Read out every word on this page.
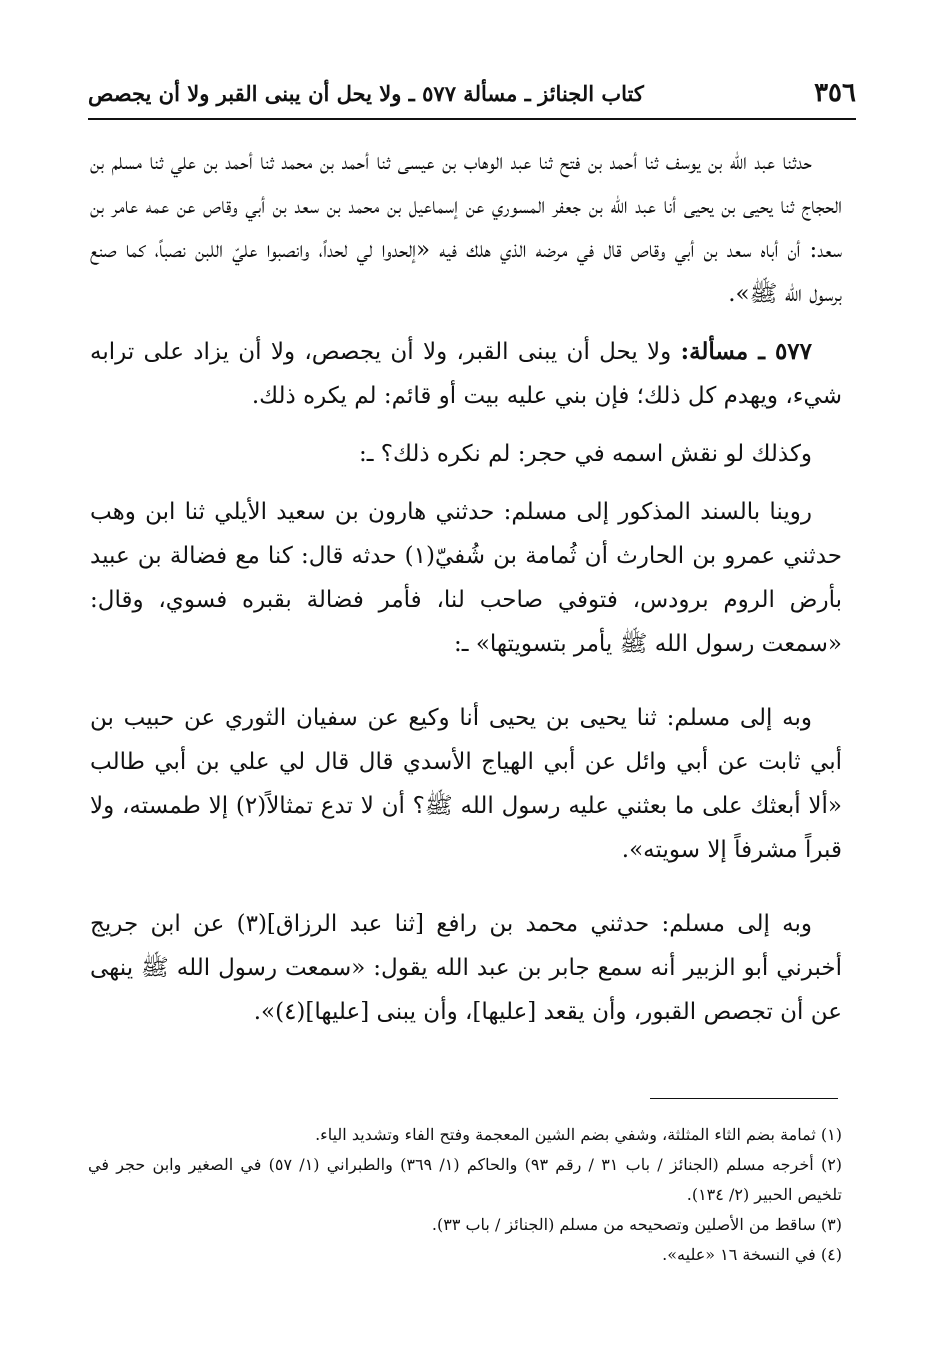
٣٥٦
كتاب الجنائز ـ مسألة ٥٧٧ ـ ولا يحل أن يبنى القبر ولا أن يجصص

حدثنا عبد الله بن يوسف ثنا أحمد بن فتح ثنا عبد الوهاب بن عيسى ثنا أحمد بن محمد ثنا أحمد بن علي ثنا مسلم بن الحجاج ثنا يحيى بن يحيى أنا عبد الله بن جعفر المسوري عن إسماعيل بن محمد بن سعد بن أبي وقاص عن عمه عامر بن سعد: أن أباه سعد بن أبي وقاص قال في مرضه الذي هلك فيه «إلحدوا لي لحداً، وانصبوا عليّ اللبن نصباً، كما صنع برسول الله ﷺ».

٥٧٧ ـ مسألة: ولا يحل أن يبنى القبر، ولا أن يجصص، ولا أن يزاد على ترابه شيء، ويهدم كل ذلك؛ فإن بني عليه بيت أو قائم: لم يكره ذلك.

وكذلك لو نقش اسمه في حجر: لم نكره ذلك؟ ـ:

روينا بالسند المذكور إلى مسلم: حدثني هارون بن سعيد الأيلي ثنا ابن وهب حدثني عمرو بن الحارث أن ثُمامة بن شُفيّ(١) حدثه قال: كنا مع فضالة بن عبيد بأرض الروم برودس، فتوفي صاحب لنا، فأمر فضالة بقبره فسوي، وقال: «سمعت رسول الله ﷺ يأمر بتسويتها» ـ:

وبه إلى مسلم: ثنا يحيى بن يحيى أنا وكيع عن سفيان الثوري عن حبيب بن أبي ثابت عن أبي وائل عن أبي الهياج الأسدي قال قال لي علي بن أبي طالب «ألا أبعثك على ما بعثني عليه رسول الله ﷺ؟ أن لا تدع تمثالاً(٢) إلا طمسته، ولا قبراً مشرفاً إلا سويته».

وبه إلى مسلم: حدثني محمد بن رافع [ثنا عبد الرزاق](٣) عن ابن جريج أخبرني أبو الزبير أنه سمع جابر بن عبد الله يقول: «سمعت رسول الله ﷺ ينهى عن أن تجصص القبور، وأن يقعد [عليها]، وأن يبنى [عليها](٤)».

(١) ثمامة بضم الثاء المثلثة، وشفي بضم الشين المعجمة وفتح الفاء وتشديد الياء.

(٢) أخرجه مسلم (الجنائز / باب ٣١ / رقم ٩٣) والحاكم (١/ ٣٦٩) والطبراني (١/ ٥٧) في الصغير وابن حجر في تلخيص الحبير (٢/ ١٣٤).

(٣) ساقط من الأصلين وتصحيحه من مسلم (الجنائز / باب ٣٣).

(٤) في النسخة ١٦ «عليه».
